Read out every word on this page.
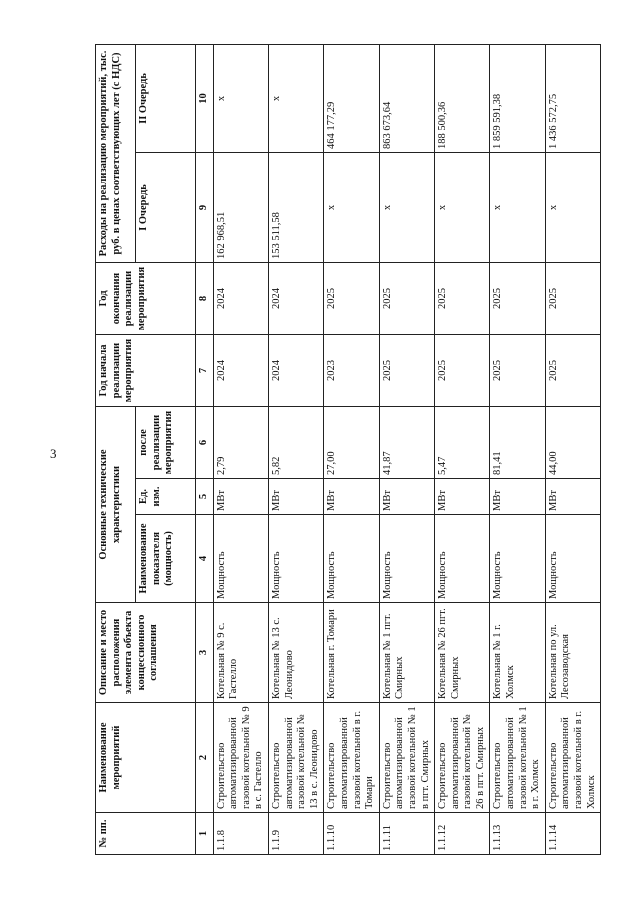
3
№ пп.	Наименование мероприятий	Описание и место расположения элемента объекта концессионного соглашения	Основные технические характеристики			Год начала реализации мероприятия	Год окончания реализации мероприятия	Расходы на реализацию мероприятий, тыс. руб. в ценах соответствующих лет (с НДС)	
			Наименование показателя (мощность)	Ед. изм.	после реализации мероприятия			I Очередь	II Очередь
1	2	3	4	5	6	7	8	9	10
1.1.8	Строительство автоматизированной газовой котельной № 9 в с. Гастелло	Котельная № 9 с. Гастелло	Мощность	МВт	2,79	2024	2024	162 968,51	х
1.1.9	Строительство автоматизированной газовой котельной № 13 в с. Леонидово	Котельная № 13 с. Леонидово	Мощность	МВт	5,82	2024	2024	153 511,58	х
1.1.10	Строительство автоматизированной газовой котельной в г. Томари	Котельная г. Томари	Мощность	МВт	27,00	2023	2025	х	464 177,29
1.1.11	Строительство автоматизированной газовой котельной № 1 в пгт. Смирных	Котельная № 1 пгт. Смирных	Мощность	МВт	41,87	2025	2025	х	863 673,64
1.1.12	Строительство автоматизированной газовой котельной № 26 в пгт. Смирных	Котельная № 26 пгт. Смирных	Мощность	МВт	5,47	2025	2025	х	188 500,36
1.1.13	Строительство автоматизированной газовой котельной № 1 в г. Холмск	Котельная № 1 г. Холмск	Мощность	МВт	81,41	2025	2025	х	1 859 591,38
1.1.14	Строительство автоматизированной газовой котельной в г. Холмск	Котельная по ул. Лесозаводская	Мощность	МВт	44,00	2025	2025	х	1 436 572,75
